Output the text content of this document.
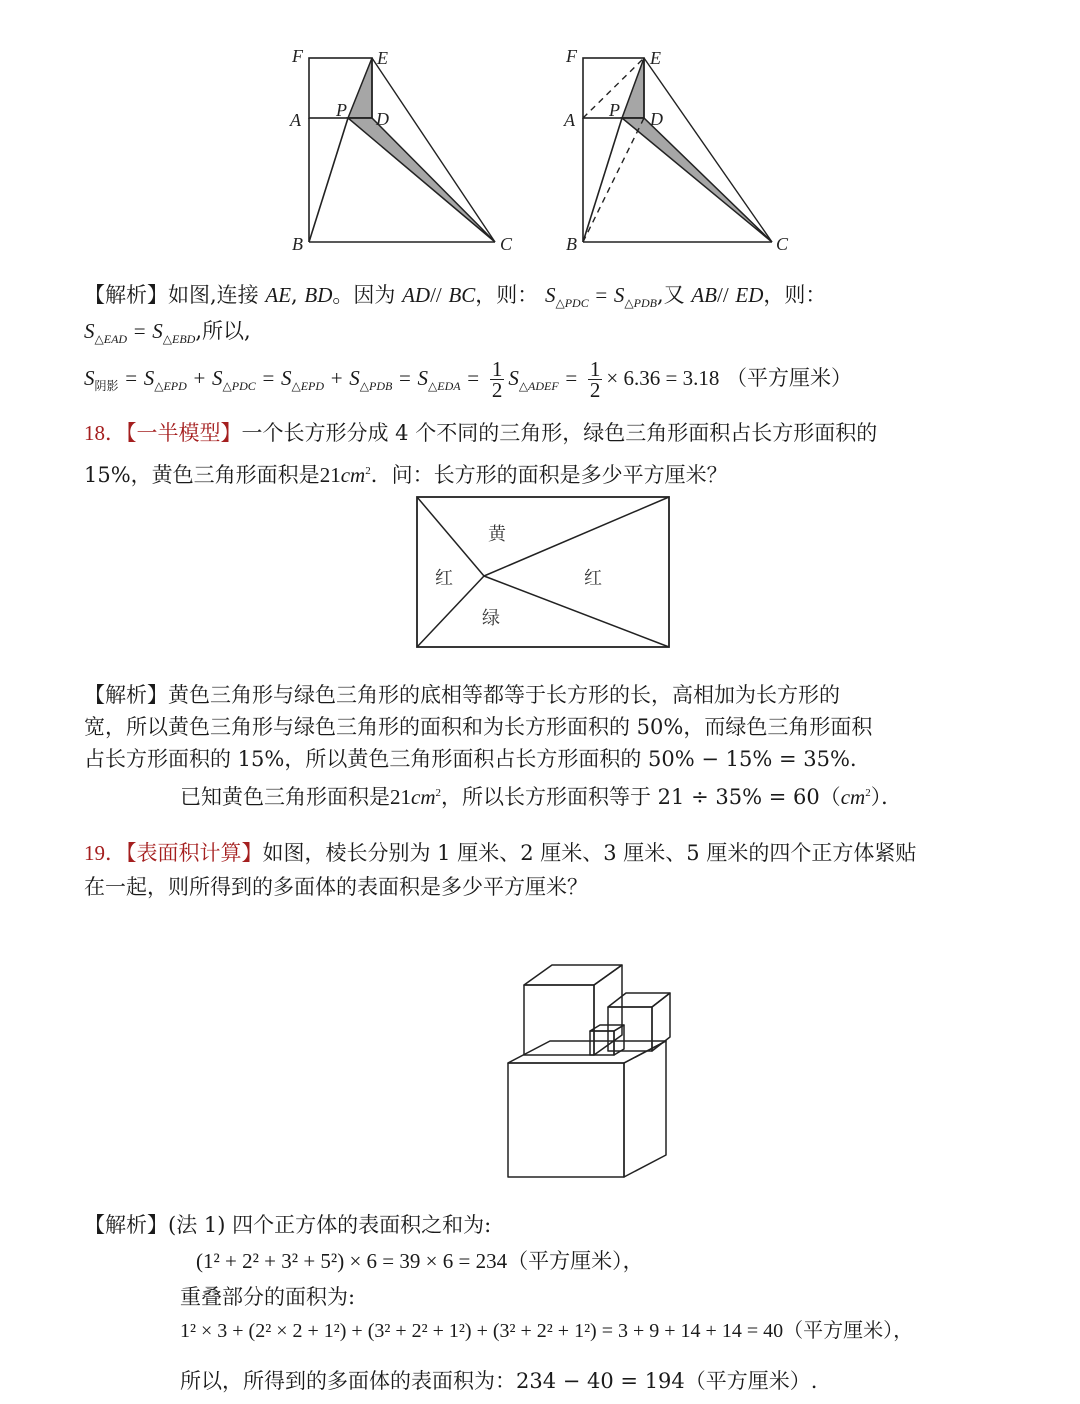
F	E
A P D
B	C
F	E
A P D
B	C
【解析】如图,连接 AE, BD。因为 AD// BC，则： $S_{\triangle PDC} = S_{\triangle PDB}$,又 AB// ED，则：
$S_{\triangle EAD} = S_{\triangle EBD}$,所以,
$S_{阴影} = S_{\triangle EPD} + S_{\triangle PDC} = S_{\triangle EPD} + S_{\triangle PDB} = S_{\triangle EDA} = \frac{1}{2} S_{\triangle ADEF} = \frac{1}{2} \times 6.36 = 3.18$ （平方厘米）
18．【一半模型】一个长方形分成 4 个不同的三角形，绿色三角形面积占长方形面积的
15%，黄色三角形面积是$21cm^2$．问：长方形的面积是多少平方厘米？
黄
红	红
绿
【解析】黄色三角形与绿色三角形的底相等都等于长方形的长，高相加为长方形的
宽，所以黄色三角形与绿色三角形的面积和为长方形面积的 50%，而绿色三角形面积
占长方形面积的 15%，所以黄色三角形面积占长方形面积的 50% − 15% = 35%．
已知黄色三角形面积是$21cm^2$，所以长方形面积等于 $21 \div 35\% = 60(cm^2)$．
19．【表面积计算】如图，棱长分别为 1 厘米、2 厘米、3 厘米、5 厘米的四个正方体紧贴
在一起，则所得到的多面体的表面积是多少平方厘米？
【解析】(法 1) 四个正方体的表面积之和为:
(1² + 2² + 3² + 5²) × 6 = 39 × 6 = 234（平方厘米），
重叠部分的面积为:
1² × 3 + (2² × 2 + 1²) + (3² + 2² + 1²) + (3² + 2² + 1²) = 3 + 9 + 14 + 14 = 40（平方厘米），
所以，所得到的多面体的表面积为：234 − 40 = 194（平方厘米）.
